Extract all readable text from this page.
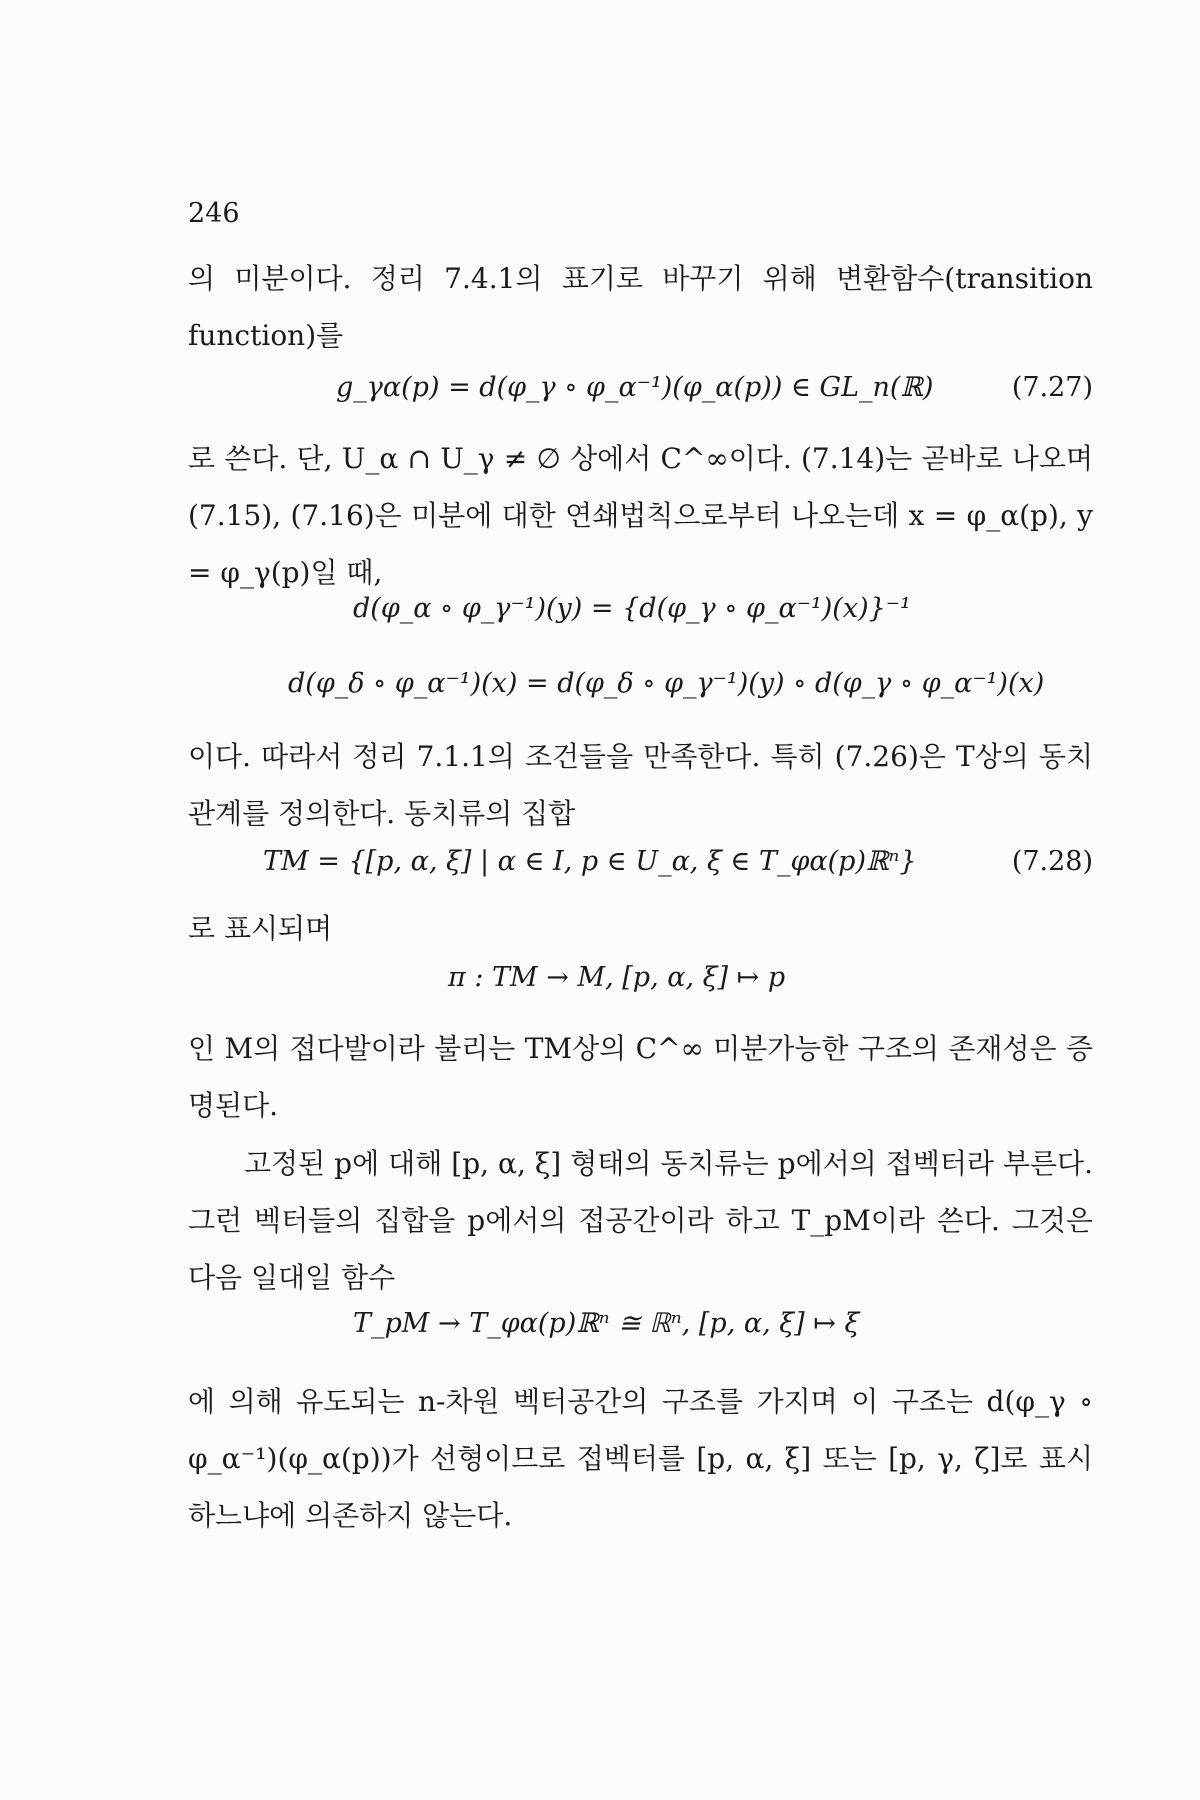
246
의 미분이다. 정리 7.4.1의 표기로 바꾸기 위해 변환함수(transition function)를
g_γα(p) = d(φ_γ ∘ φ_α⁻¹)(φ_α(p)) ∈ GL_n(ℝ)	(7.27)
로 쓴다. 단, U_α ∩ U_γ ≠ ∅ 상에서 C^∞이다. (7.14)는 곧바로 나오며 (7.15), (7.16)은 미분에 대한 연쇄법칙으로부터 나오는데 x = φ_α(p), y = φ_γ(p)일 때,
d(φ_α ∘ φ_γ⁻¹)(y) = {d(φ_γ ∘ φ_α⁻¹)(x)}⁻¹
d(φ_δ ∘ φ_α⁻¹)(x) = d(φ_δ ∘ φ_γ⁻¹)(y) ∘ d(φ_γ ∘ φ_α⁻¹)(x)
이다. 따라서 정리 7.1.1의 조건들을 만족한다. 특히 (7.26)은 T상의 동치관계를 정의한다. 동치류의 집합
TM = {[p, α, ξ] | α ∈ I, p ∈ U_α, ξ ∈ T_φα(p)ℝⁿ}	(7.28)
로 표시되며
π : TM → M, [p, α, ξ] ↦ p
인 M의 접다발이라 불리는 TM상의 C^∞ 미분가능한 구조의 존재성은 증명된다.
고정된 p에 대해 [p, α, ξ] 형태의 동치류는 p에서의 접벡터라 부른다. 그런 벡터들의 집합을 p에서의 접공간이라 하고 T_pM이라 쓴다. 그것은 다음 일대일 함수
T_pM → T_φα(p)ℝⁿ ≅ ℝⁿ, [p, α, ξ] ↦ ξ
에 의해 유도되는 n-차원 벡터공간의 구조를 가지며 이 구조는 d(φ_γ ∘ φ_α⁻¹)(φ_α(p))가 선형이므로 접벡터를 [p, α, ξ] 또는 [p, γ, ζ]로 표시하느냐에 의존하지 않는다.
